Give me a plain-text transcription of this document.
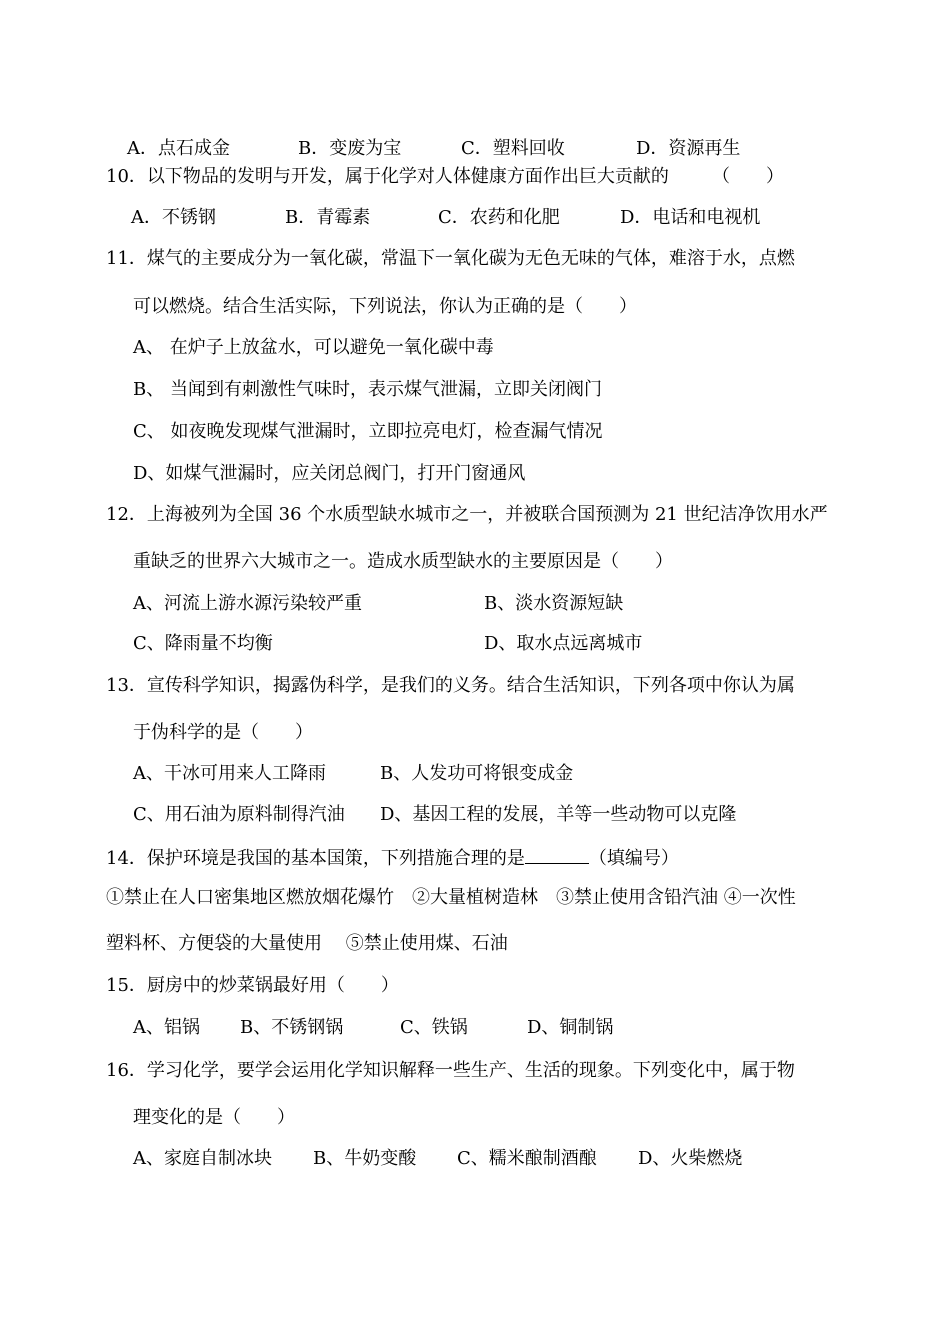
A．点石成金	B．变废为宝	C．塑料回收	D．资源再生
10．以下物品的发明与开发，属于化学对人体健康方面作出巨大贡献的 （　　）
A．不锈钢	B．青霉素	C．农药和化肥	D．电话和电视机
11．煤气的主要成分为一氧化碳，常温下一氧化碳为无色无味的气体，难溶于水，点燃
可以燃烧。结合生活实际，下列说法，你认为正确的是（　　）
A、 在炉子上放盆水，可以避免一氧化碳中毒
B、 当闻到有刺激性气味时，表示煤气泄漏，立即关闭阀门
C、 如夜晚发现煤气泄漏时，立即拉亮电灯，检查漏气情况
D、如煤气泄漏时，应关闭总阀门，打开门窗通风
12．上海被列为全国 36 个水质型缺水城市之一，并被联合国预测为 21 世纪洁净饮用水严
重缺乏的世界六大城市之一。造成水质型缺水的主要原因是（　　）
A、河流上游水源污染较严重	B、淡水资源短缺
C、降雨量不均衡	D、取水点远离城市
13．宣传科学知识，揭露伪科学，是我们的义务。结合生活知识，下列各项中你认为属
于伪科学的是（　　）
A、干冰可用来人工降雨	B、人发功可将银变成金
C、用石油为原料制得汽油 D、基因工程的发展，羊等一些动物可以克隆
14．保护环境是我国的基本国策，下列措施合理的是	（填编号）
①禁止在人口密集地区燃放烟花爆竹　②大量植树造林　③禁止使用含铅汽油 ④一次性
塑料杯、方便袋的大量使用　 ⑤禁止使用煤、石油
15．厨房中的炒菜锅最好用（　　）
A、铝锅 B、不锈钢锅	C、铁锅	D、铜制锅
16．学习化学，要学会运用化学知识解释一些生产、生活的现象。下列变化中，属于物
理变化的是（　　）
A、家庭自制冰块 B、牛奶变酸 C、糯米酿制酒酿 D、火柴燃烧
